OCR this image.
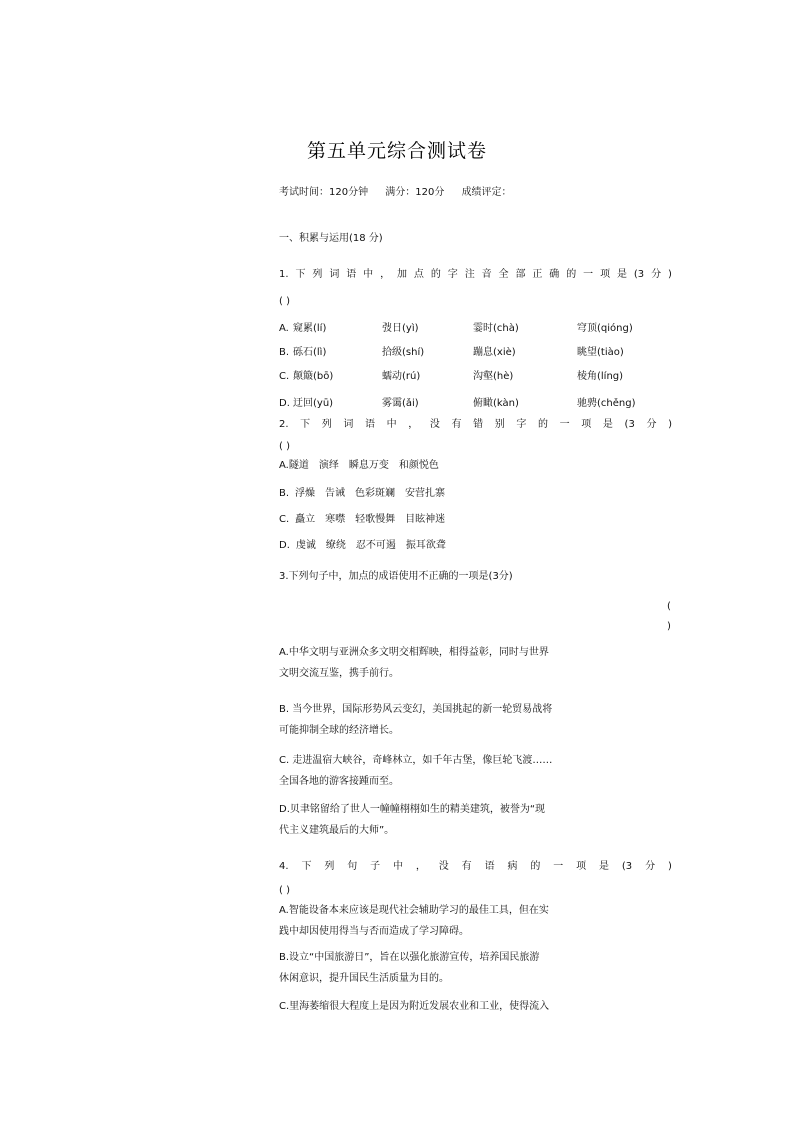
第五单元综合测试卷
考试时间：120分钟 满分：120分 成绩评定：
一、积累与运用(18 分)
1. 下 列 词 语 中 ， 加 点 的 字 注 音 全 部 正 确 的 一 项 是 (3 分 )
( )
A. 窥累(lí)	弢日(yì)	霎时(chà)	穹顶(qióng)
B. 砾石(lì)	拾级(shí)	蹦息(xiè)	眺望(tiào)
C. 颠簸(bō)	蠕动(rú)	沟壑(hè)	棱角(líng)
D. 迂回(yū)	雾霭(ǎi)	俯瞰(kàn)	驰骋(chěng)
2. 下 列 词 语 中 ， 没 有 错 别 字 的 一 项 是 (3 分 )
( )
A.隧道 演绎 瞬息万变 和颜悦色
B. 浮燥 告诫 色彩斑斓 安营扎寨
C. 矗立 寒噤 轻歌慢舞 目眩神迷
D. 虔诚 缭绕 忍不可遏 振耳欲聋
3.下列句子中，加点的成语使用不正确的一项是(3分)
(
)
A.中华文明与亚洲众多文明交相辉映，相得益彰，同时与世界
文明交流互鉴，携手前行。
B. 当今世界，国际形势风云变幻，美国挑起的新一轮贸易战将
可能抑制全球的经济增长。
C. 走进温宿大峡谷，奇峰林立，如千年古堡，像巨轮飞渡……
全国各地的游客接踵而至。
D.贝聿铭留给了世人一幢幢栩栩如生的精美建筑，被誉为“现
代主义建筑最后的大师”。
4. 下 列 句 子 中 ， 没 有 语 病 的 一 项 是 (3 分 )
( )
A.智能设备本来应该是现代社会辅助学习的最佳工具，但在实
践中却因使用得当与否而造成了学习障碍。
B.设立“中国旅游日”，旨在以强化旅游宣传，培养国民旅游
休闲意识，提升国民生活质量为目的。
C.里海萎缩很大程度上是因为附近发展农业和工业，使得流入
